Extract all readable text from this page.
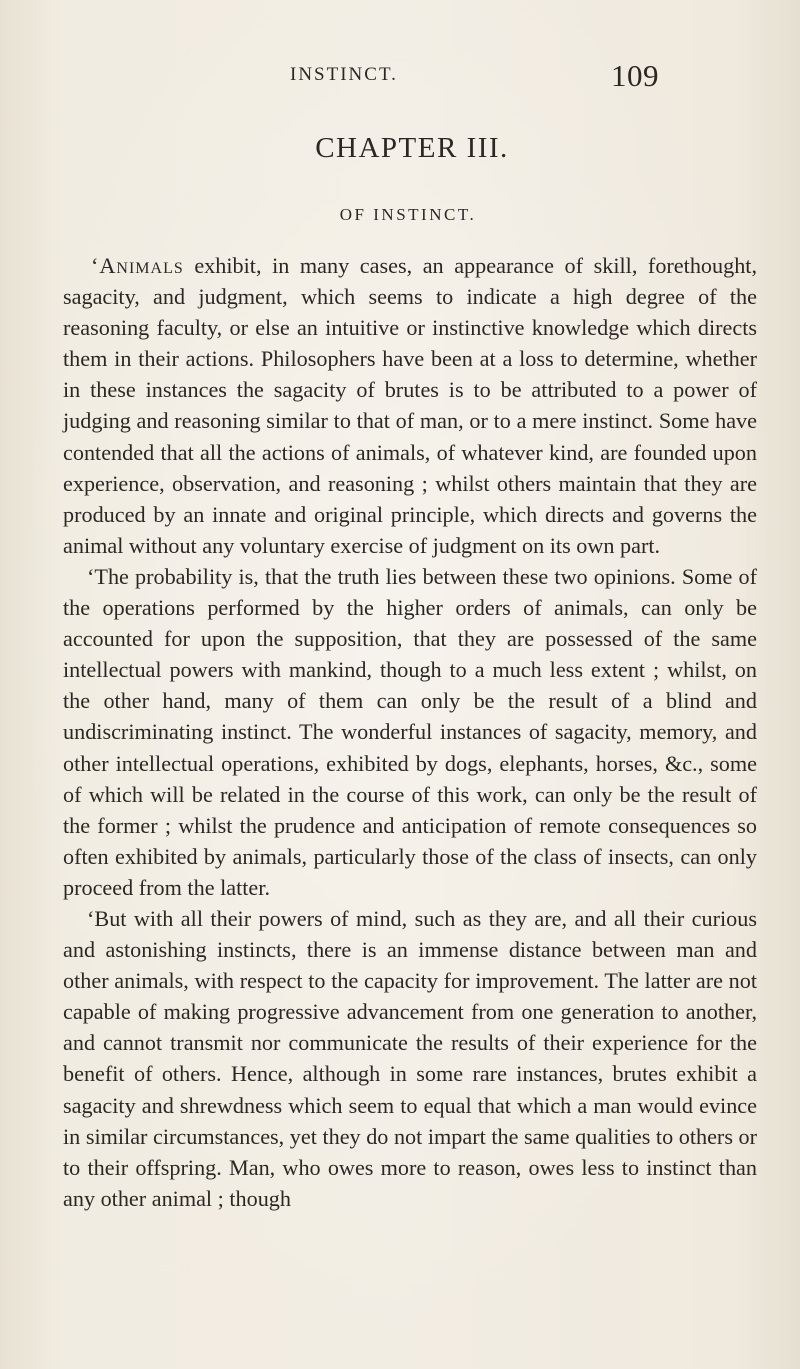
INSTINCT.	109
CHAPTER III.
OF INSTINCT.

‘Animals exhibit, in many cases, an appearance of skill, forethought, sagacity, and judgment, which seems to indicate a high degree of the reasoning faculty, or else an intuitive or instinctive knowledge which directs them in their actions. Philosophers have been at a loss to determine, whether in these instances the sagacity of brutes is to be attributed to a power of judging and reasoning similar to that of man, or to a mere instinct. Some have contended that all the actions of animals, of whatever kind, are founded upon experience, observation, and reasoning ; whilst others maintain that they are produced by an innate and original principle, which directs and governs the animal without any voluntary exercise of judgment on its own part.

‘The probability is, that the truth lies between these two opinions. Some of the operations performed by the higher orders of animals, can only be accounted for upon the supposition, that they are possessed of the same intellectual powers with mankind, though to a much less extent ; whilst, on the other hand, many of them can only be the result of a blind and undiscriminating instinct. The wonderful instances of sagacity, memory, and other intellectual operations, exhibited by dogs, elephants, horses, &c., some of which will be related in the course of this work, can only be the result of the former ; whilst the prudence and anticipation of remote consequences so often exhibited by animals, particularly those of the class of insects, can only proceed from the latter.

‘But with all their powers of mind, such as they are, and all their curious and astonishing instincts, there is an immense distance between man and other animals, with respect to the capacity for improvement. The latter are not capable of making progressive advancement from one generation to another, and cannot transmit nor communicate the results of their experience for the benefit of others. Hence, although in some rare instances, brutes exhibit a sagacity and shrewdness which seem to equal that which a man would evince in similar circumstances, yet they do not impart the same qualities to others or to their offspring. Man, who owes more to reason, owes less to instinct than any other animal ; though
